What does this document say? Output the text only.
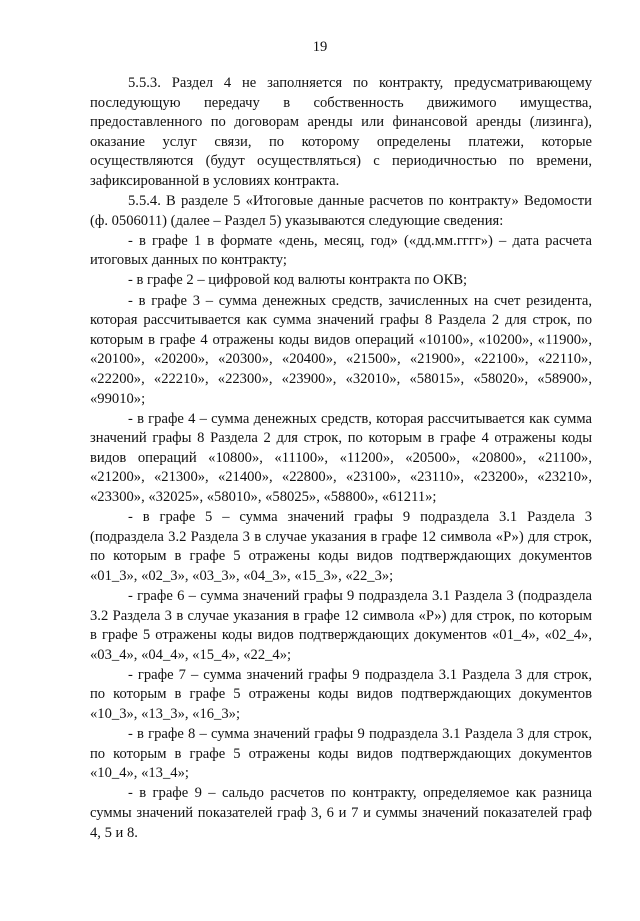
19

5.5.3. Раздел 4 не заполняется по контракту, предусматривающему последующую передачу в собственность движимого имущества, предоставленного по договорам аренды или финансовой аренды (лизинга), оказание услуг связи, по которому определены платежи, которые осуществляются (будут осуществляться) с периодичностью по времени, зафиксированной в условиях контракта.

5.5.4. В разделе 5 «Итоговые данные расчетов по контракту» Ведомости (ф. 0506011) (далее – Раздел 5) указываются следующие сведения:

- в графе 1 в формате «день, месяц, год» («дд.мм.гггг») – дата расчета итоговых данных по контракту;

- в графе 2 – цифровой код валюты контракта по ОКВ;

- в графе 3 – сумма денежных средств, зачисленных на счет резидента, которая рассчитывается как сумма значений графы 8 Раздела 2 для строк, по которым в графе 4 отражены коды видов операций «10100», «10200», «11900», «20100», «20200», «20300», «20400», «21500», «21900», «22100», «22110», «22200», «22210», «22300», «23900», «32010», «58015», «58020», «58900», «99010»;

- в графе 4 – сумма денежных средств, которая рассчитывается как сумма значений графы 8 Раздела 2 для строк, по которым в графе 4 отражены коды видов операций «10800», «11100», «11200», «20500», «20800», «21100», «21200», «21300», «21400», «22800», «23100», «23110», «23200», «23210», «23300», «32025», «58010», «58025», «58800», «61211»;

- в графе 5 – сумма значений графы 9 подраздела 3.1 Раздела 3 (подраздела 3.2 Раздела 3 в случае указания в графе 12 символа «Р») для строк, по которым в графе 5 отражены коды видов подтверждающих документов «01_3», «02_3», «03_3», «04_3», «15_3», «22_3»;

- графе 6 – сумма значений графы 9 подраздела 3.1 Раздела 3 (подраздела 3.2 Раздела 3 в случае указания в графе 12 символа «Р») для строк, по которым в графе 5 отражены коды видов подтверждающих документов «01_4», «02_4», «03_4», «04_4», «15_4», «22_4»;

- графе 7 – сумма значений графы 9 подраздела 3.1 Раздела 3 для строк, по которым в графе 5 отражены коды видов подтверждающих документов «10_3», «13_3», «16_3»;

- в графе 8 – сумма значений графы 9 подраздела 3.1 Раздела 3 для строк, по которым в графе 5 отражены коды видов подтверждающих документов «10_4», «13_4»;

- в графе 9 – сальдо расчетов по контракту, определяемое как разница суммы значений показателей граф 3, 6 и 7 и суммы значений показателей граф 4, 5 и 8.
